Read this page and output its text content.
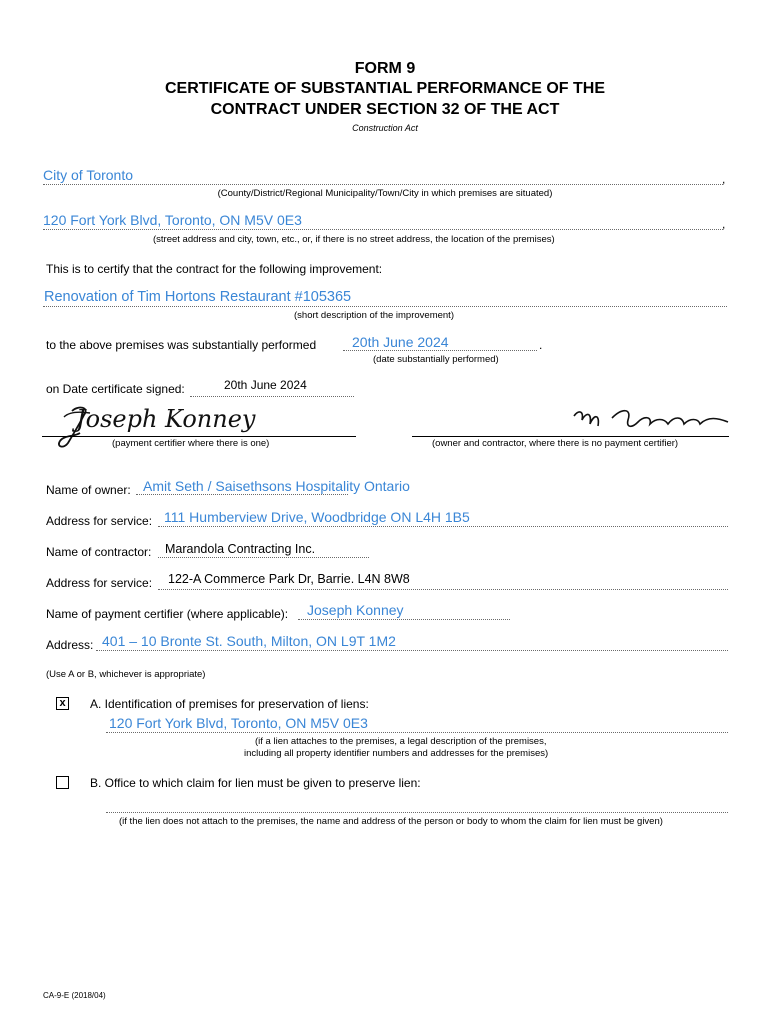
FORM 9
CERTIFICATE OF SUBSTANTIAL PERFORMANCE OF THE
CONTRACT UNDER SECTION 32 OF THE ACT
Construction Act
City of Toronto	,
(County/District/Regional Municipality/Town/City in which premises are situated)
120 Fort York Blvd, Toronto, ON M5V 0E3	,
(street address and city, town, etc., or, if there is no street address, the location of the premises)
This is to certify that the contract for the following improvement:
Renovation of Tim Hortons Restaurant #105365
(short description of the improvement)
to the above premises was substantially performed	20th June 2024	.
(date substantially performed)
on Date certificate signed:	20th June 2024
Joseph Konney
(payment certifier where there is one)	(owner and contractor, where there is no payment certifier)
Name of owner: Amit Seth / Saisethsons Hospitality Ontario
Address for service: 111 Humberview Drive, Woodbridge ON L4H 1B5
Name of contractor: Marandola Contracting Inc.
Address for service: 122-A Commerce Park Dr, Barrie. L4N 8W8
Name of payment certifier (where applicable): Joseph Konney
Address: 401 – 10 Bronte St. South, Milton, ON L9T 1M2
(Use A or B, whichever is appropriate)
x A. Identification of premises for preservation of liens:
120 Fort York Blvd, Toronto, ON M5V 0E3
(if a lien attaches to the premises, a legal description of the premises,
including all property identifier numbers and addresses for the premises)
B. Office to which claim for lien must be given to preserve lien:
(if the lien does not attach to the premises, the name and address of the person or body to whom the claim for lien must be given)
CA-9-E (2018/04)
